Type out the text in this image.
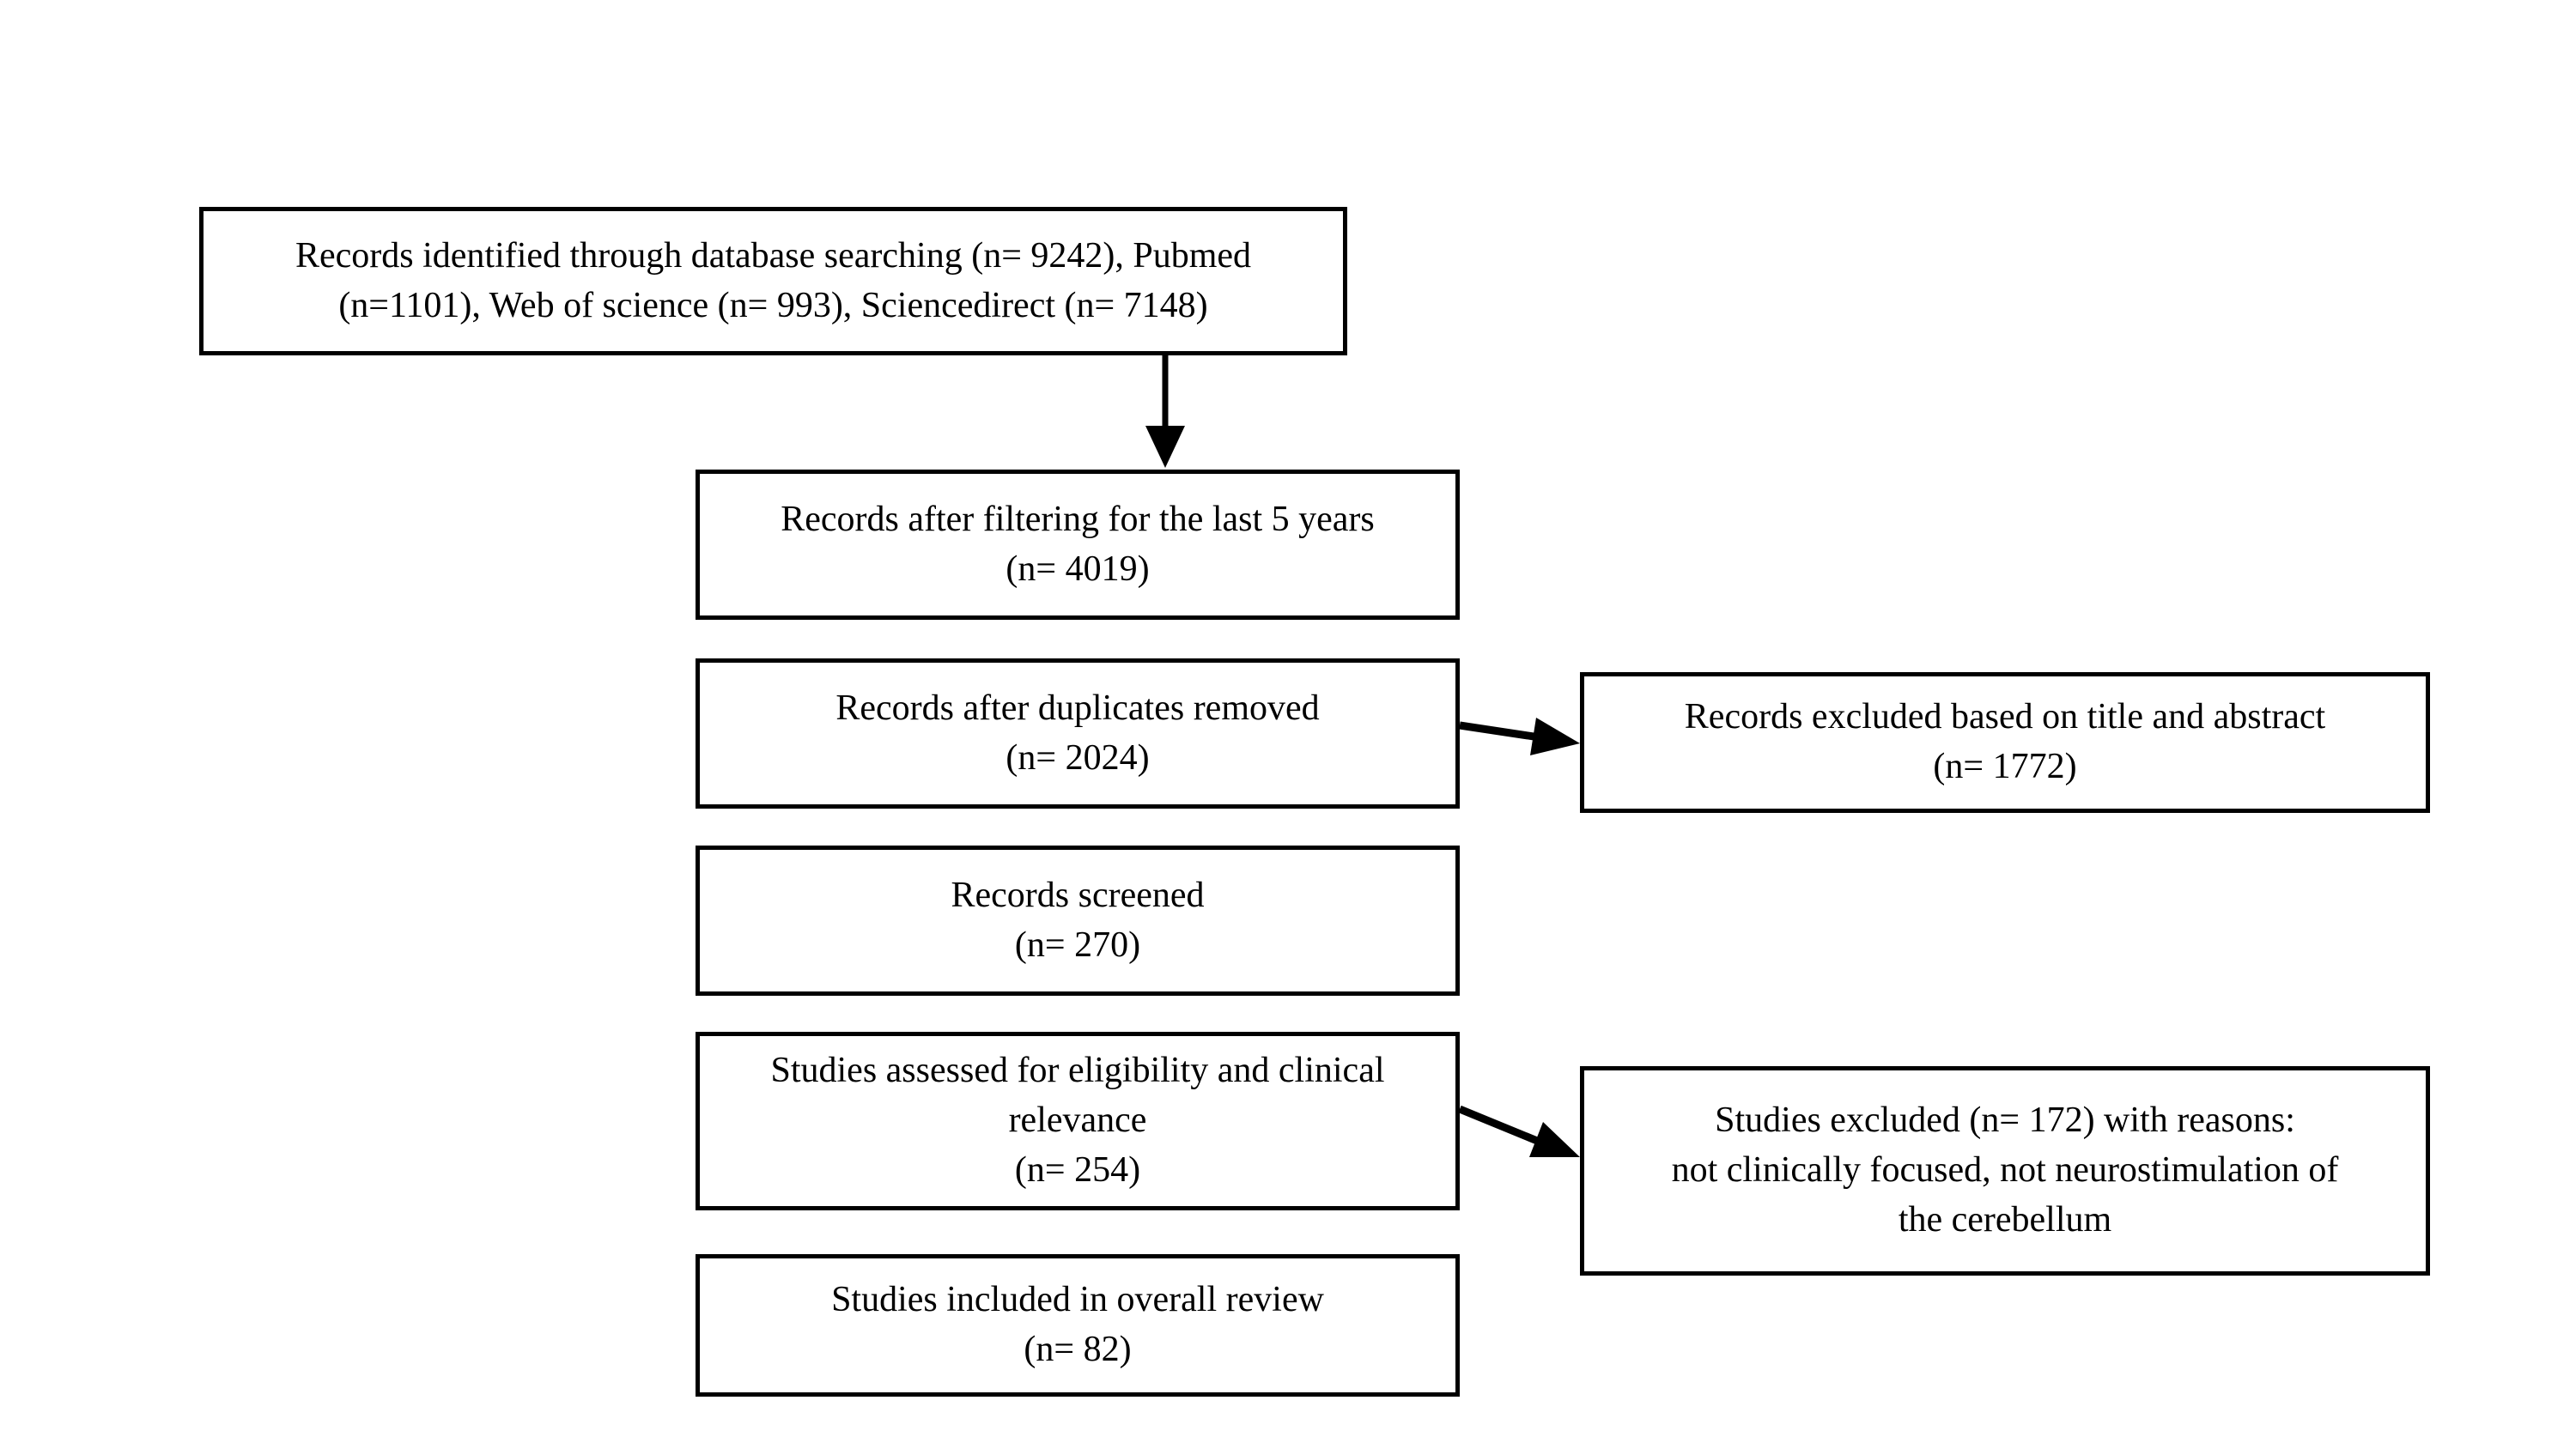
Records identified through database searching (n= 9242), Pubmed
(n=1101), Web of science (n= 993), Sciencedirect (n= 7148)
Records after filtering for the last 5 years
(n= 4019)
Records after duplicates removed
(n= 2024)
Records excluded based on title and abstract
(n= 1772)
Records screened
(n= 270)
Studies assessed for eligibility and clinical
relevance
(n= 254)
Studies excluded (n= 172) with reasons:
not clinically focused, not neurostimulation of
the cerebellum
Studies included in overall review
(n= 82)
